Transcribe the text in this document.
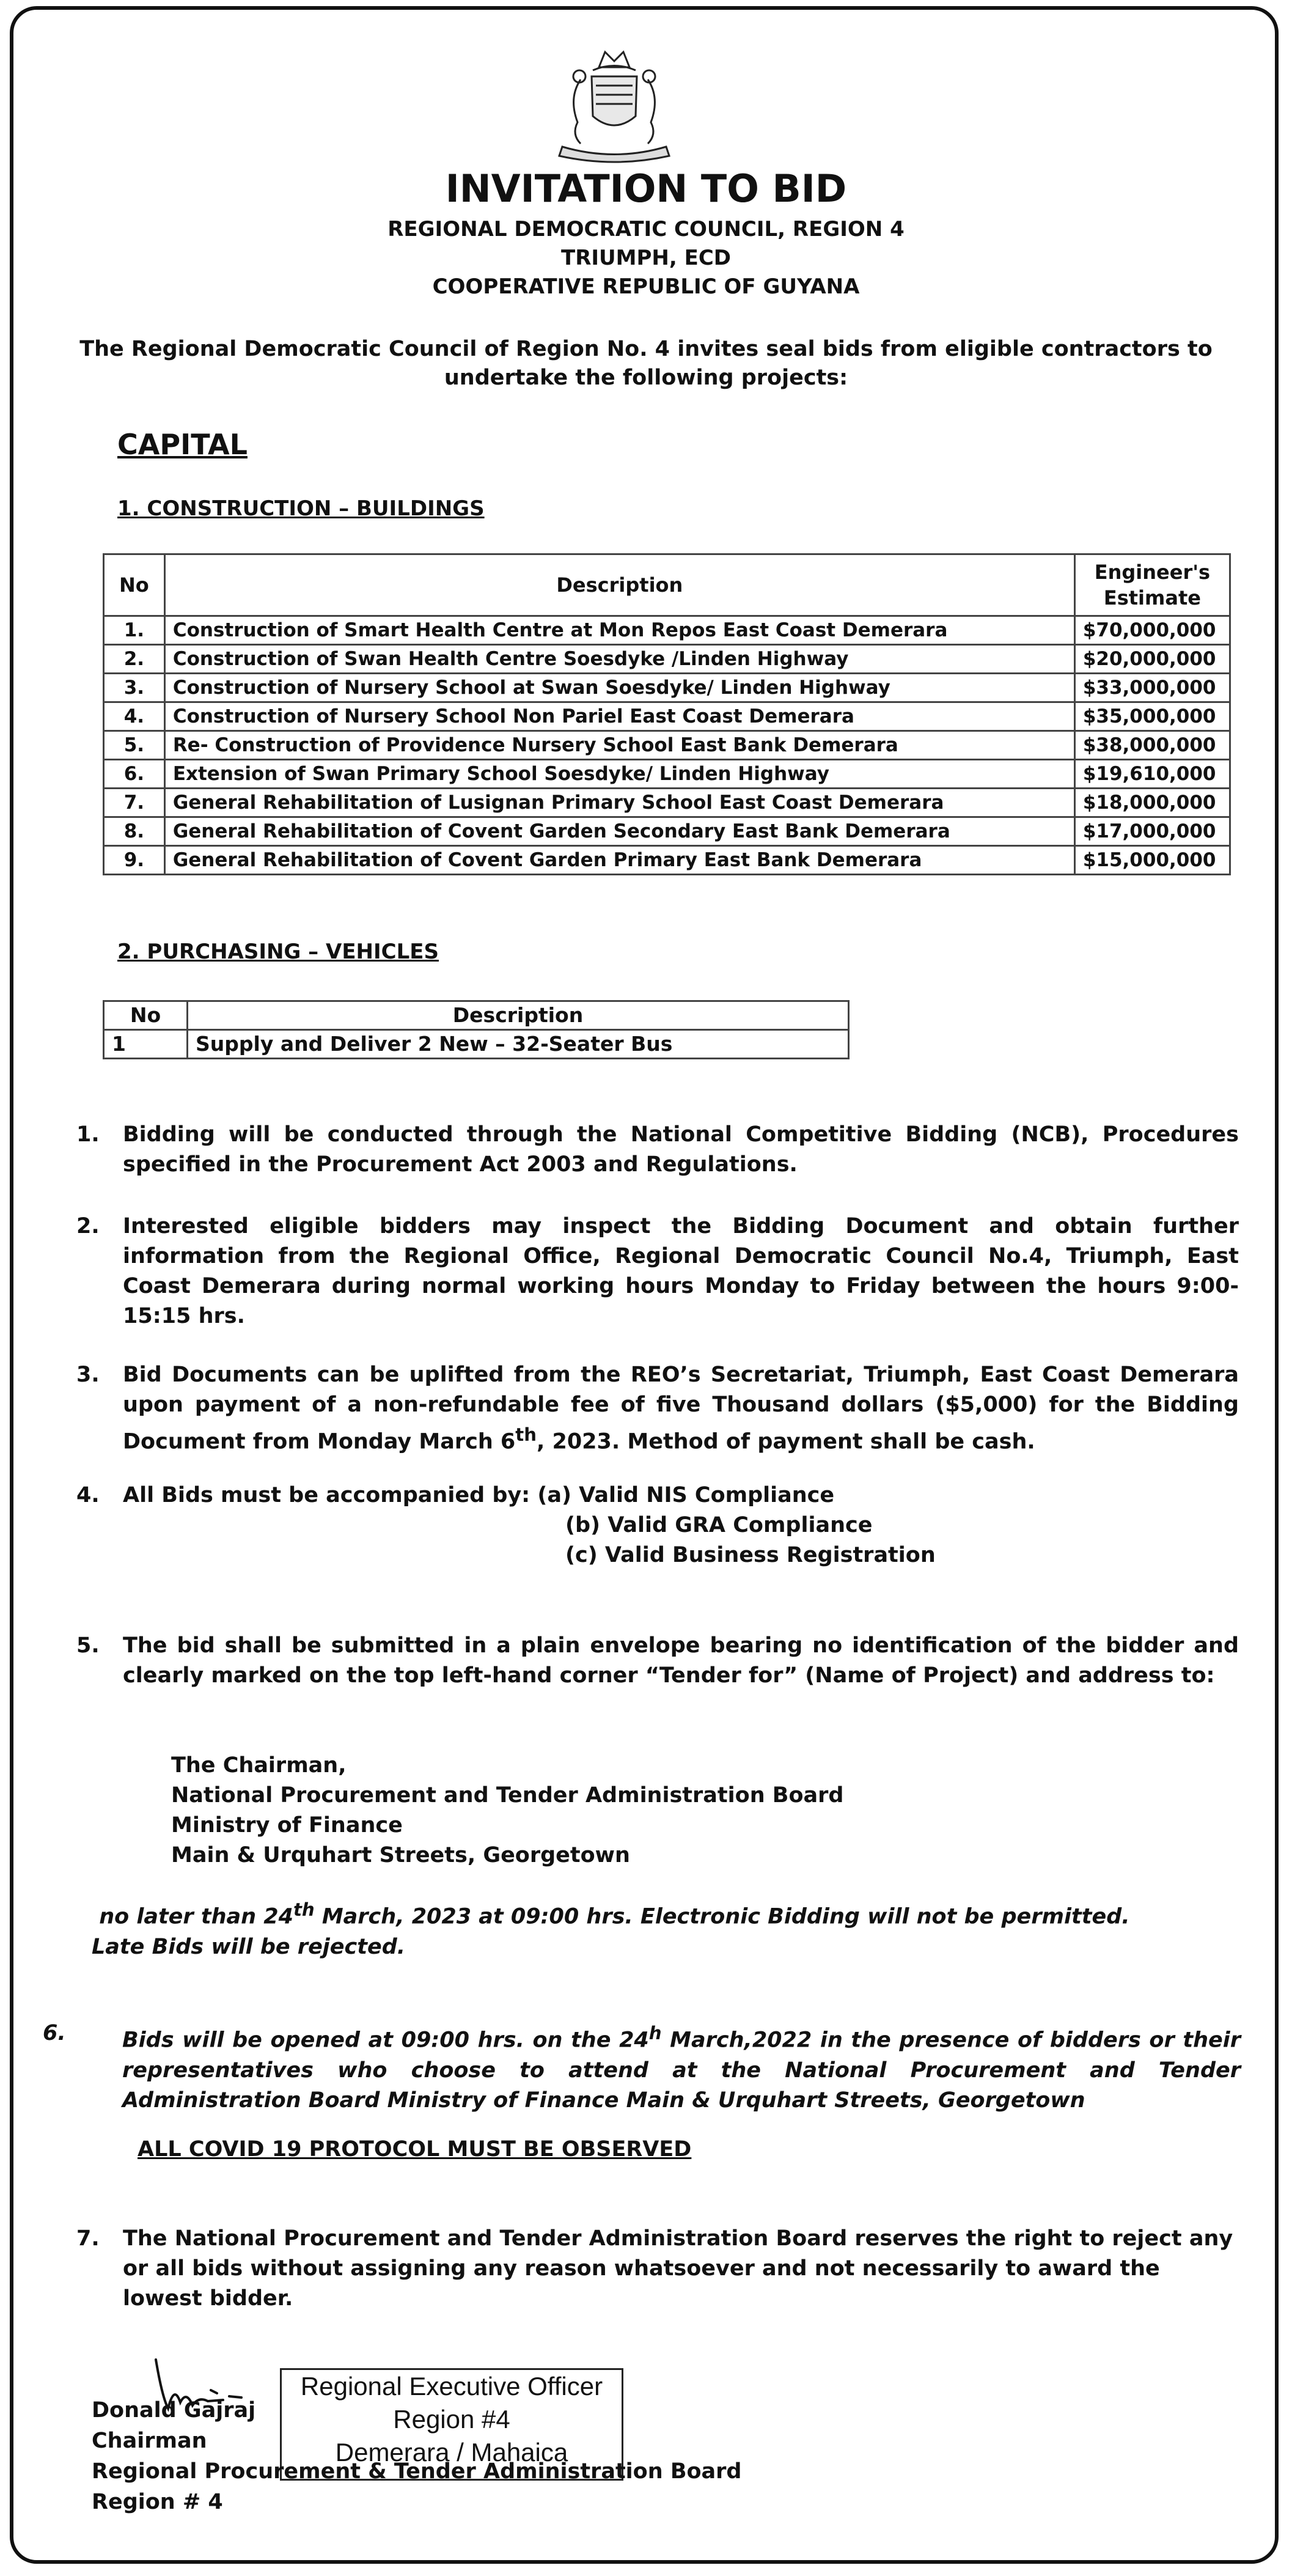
INVITATION TO BID
REGIONAL DEMOCRATIC COUNCIL, REGION 4
TRIUMPH, ECD
COOPERATIVE REPUBLIC OF GUYANA
The Regional Democratic Council of Region No. 4 invites seal bids from eligible contractors to undertake the following projects:
CAPITAL
1. CONSTRUCTION – BUILDINGS
No	Description	Engineer's Estimate
1.	Construction of Smart Health Centre at Mon Repos East Coast Demerara	$70,000,000
2.	Construction of Swan Health Centre Soesdyke /Linden Highway	$20,000,000
3.	Construction of Nursery School at Swan Soesdyke/ Linden Highway	$33,000,000
4.	Construction of Nursery School Non Pariel East Coast Demerara	$35,000,000
5.	Re- Construction of Providence Nursery School East Bank Demerara	$38,000,000
6.	Extension of Swan Primary School Soesdyke/ Linden Highway	$19,610,000
7.	General Rehabilitation of Lusignan Primary School East Coast Demerara	$18,000,000
8.	General Rehabilitation of Covent Garden Secondary East Bank Demerara	$17,000,000
9.	General Rehabilitation of Covent Garden Primary East Bank Demerara	$15,000,000
2. PURCHASING – VEHICLES
No	Description
1	Supply and Deliver 2 New – 32-Seater Bus
1.	Bidding will be conducted through the National Competitive Bidding (NCB), Procedures specified in the Procurement Act 2003 and Regulations.
2.	Interested eligible bidders may inspect the Bidding Document and obtain further information from the Regional Office, Regional Democratic Council No.4, Triumph, East Coast Demerara during normal working hours Monday to Friday between the hours 9:00-15:15 hrs.
3.	Bid Documents can be uplifted from the REO’s Secretariat, Triumph, East Coast Demerara upon payment of a non-refundable fee of five Thousand dollars ($5,000) for the Bidding Document from Monday March 6th, 2023. Method of payment shall be cash.
4.	All Bids must be accompanied by: (a) Valid NIS Compliance
(b) Valid GRA Compliance
(c) Valid Business Registration
5.	The bid shall be submitted in a plain envelope bearing no identification of the bidder and clearly marked on the top left-hand corner “Tender for” (Name of Project) and address to:
The Chairman,
National Procurement and Tender Administration Board
Ministry of Finance
Main & Urquhart Streets, Georgetown
no later than 24th March, 2023 at 09:00 hrs. Electronic Bidding will not be permitted.
Late Bids will be rejected.
6.	Bids will be opened at 09:00 hrs. on the 24$^h$ March,2022 in the presence of bidders or their representatives who choose to attend at the National Procurement and Tender Administration Board Ministry of Finance Main & Urquhart Streets, Georgetown
ALL COVID 19 PROTOCOL MUST BE OBSERVED
7.	The National Procurement and Tender Administration Board reserves the right to reject any or all bids without assigning any reason whatsoever and not necessarily to award the lowest bidder.
Regional Executive Officer
Region #4
Demerara / Mahaica
Donald Gajraj
Chairman
Regional Procurement & Tender Administration Board
Region # 4
